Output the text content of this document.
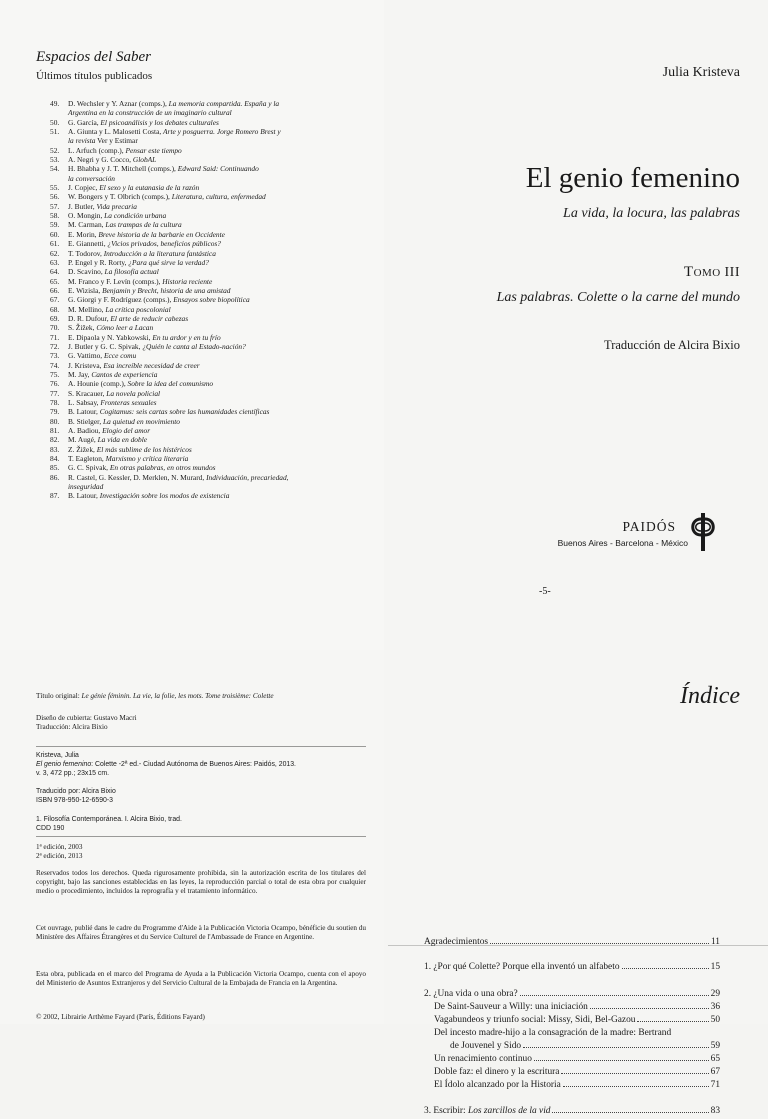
Espacios del Saber
Últimos títulos publicados
49. D. Wechsler y Y. Aznar (comps.), La memoria compartida. España y la
Argentina en la construcción de un imaginario cultural
50. G. García, El psicoanálisis y los debates culturales
51. A. Giunta y L. Malosetti Costa, Arte y posguerra. Jorge Romero Brest y
la revista Ver y Estimar
52. L. Arfuch (comp.), Pensar este tiempo
53. A. Negri y G. Cocco, GlobAL
54. H. Bhabha y J. T. Mitchell (comps.), Edward Said: Continuando
la conversación
55. J. Copjec, El sexo y la eutanasia de la razón
56. W. Bongers y T. Olbrich (comps.), Literatura, cultura, enfermedad
57. J. Butler, Vida precaria
58. O. Mongin, La condición urbana
59. M. Carman, Las trampas de la cultura
60. E. Morin, Breve historia de la barbarie en Occidente
61. E. Giannetti, ¿Vicios privados, beneficios públicos?
62. T. Todorov, Introducción a la literatura fantástica
63. P. Engel y R. Rorty, ¿Para qué sirve la verdad?
64. D. Scavino, La filosofía actual
65. M. Franco y F. Levín (comps.), Historia reciente
66. E. Wizisla, Benjamin y Brecht, historia de una amistad
67. G. Giorgi y F. Rodríguez (comps.), Ensayos sobre biopolítica
68. M. Mellino, La crítica poscolonial
69. D. R. Dufour, El arte de reducir cabezas
70. S. Žižek, Cómo leer a Lacan
71. E. Dipaola y N. Yabkowski, En tu ardor y en tu frío
72. J. Butler y G. C. Spivak, ¿Quién le canta al Estado-nación?
73. G. Vattimo, Ecce comu
74. J. Kristeva, Esa increíble necesidad de creer
75. M. Jay, Cantos de experiencia
76. A. Hounie (comp.), Sobre la idea del comunismo
77. S. Kracauer, La novela policial
78. L. Sabsay, Fronteras sexuales
79. B. Latour, Cogitamus: seis cartas sobre las humanidades científicas
80. B. Stielger, La quietud en movimiento
81. A. Badiou, Elogio del amor
82. M. Augé, La vida en doble
83. Z. Žižek, El más sublime de los histéricos
84. T. Eagleton, Marxismo y crítica literaria
85. G. C. Spivak, En otras palabras, en otros mundos
86. R. Castel, G. Kessler, D. Merklen, N. Murard, Individuación, precariedad,
inseguridad
87. B. Latour, Investigación sobre los modos de existencia
Julia Kristeva
El genio femenino
La vida, la locura, las palabras
TOMO III
Las palabras. Colette o la carne del mundo
Traducción de Alcira Bixio
PAIDÓS
Buenos Aires - Barcelona - México
-5-
Título original: Le génie féminin. La vie, la folie, les mots. Tome troisième: Colette
Diseño de cubierta: Gustavo Macri
Traducción: Alcira Bixio
Kristeva, Julia
El genio femenino: Colette -2ª ed.- Ciudad Autónoma de Buenos Aires: Paidós, 2013.
v. 3, 472 pp.; 23x15 cm.
Traducido por: Alcira Bixio
ISBN 978-950-12-6590-3
1. Filosofía Contemporánea. I. Alcira Bixio, trad.
CDD 190
1ª edición, 2003
2ª edición, 2013
Reservados todos los derechos. Queda rigurosamente prohibida, sin la autorización escrita de los titulares del copyright, bajo las sanciones establecidas en las leyes, la reproducción parcial o total de esta obra por cualquier medio o procedimiento, incluidos la reprografía y el tratamiento informático.
Cet ouvrage, publié dans le cadre du Programme d'Aide à la Publicación Victoria Ocampo, bénéficie du soutien du Ministère des Affaires Étrangères et du Service Culturel de l'Ambassade de France en Argentine.
Esta obra, publicada en el marco del Programa de Ayuda a la Publicación Victoria Ocampo, cuenta con el apoyo del Ministerio de Asuntos Extranjeros y del Servicio Cultural de la Embajada de Francia en la Argentina.
© 2002, Librairie Arthème Fayard (París, Éditions Fayard)
Índice
Agradecimientos	11
1. ¿Por qué Colette? Porque ella inventó un alfabeto	15
2. ¿Una vida o una obra?	29
De Saint-Sauveur a Willy: una iniciación	36
Vagabundeos y triunfo social: Missy, Sidi, Bel-Gazou	50
Del incesto madre-hijo a la consagración de la madre: Bertrand
de Jouvenel y Sido	59
Un renacimiento continuo	65
Doble faz: el dinero y la escritura	67
El Ídolo alcanzado por la Historia	71
3. Escribir: Los zarcillos de la vid	83
